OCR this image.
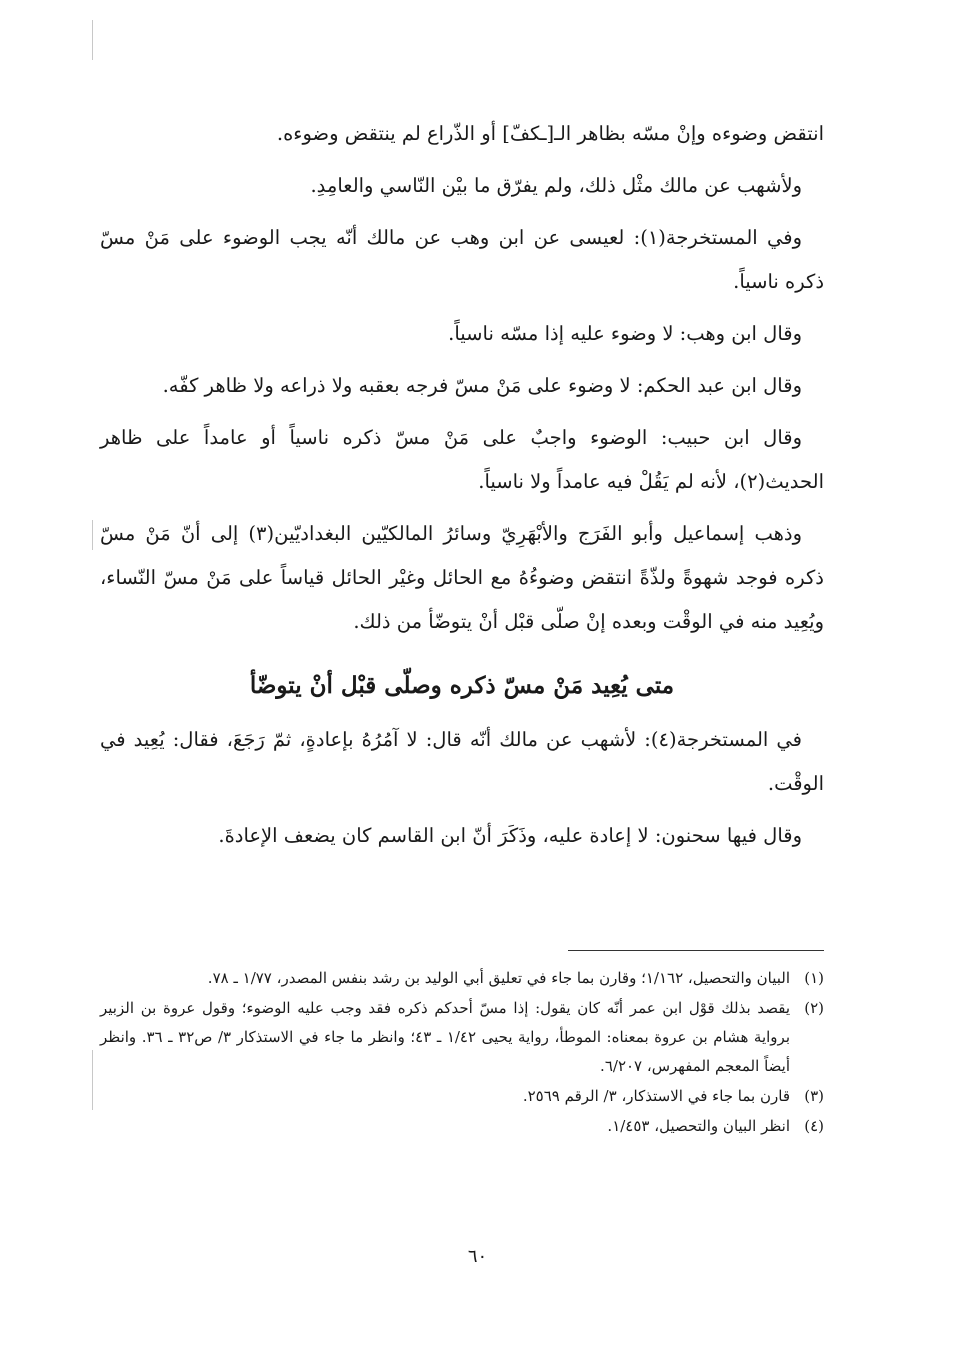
انتقض وضوءه وإنْ مسّه بظاهر الـ[ـكفّ] أو الذّراع لم ينتقض وضوءه.

ولأشهب عن مالك مثْل ذلك، ولم يفرّق ما بيْن النّاسي والعامِدِ.

وفي المستخرجة(١): لعيسى عن ابن وهب عن مالك أنّه يجب الوضوء على مَنْ مسّ ذكره ناسياً.

وقال ابن وهب: لا وضوء عليه إذا مسّه ناسياً.

وقال ابن عبد الحكم: لا وضوء على مَنْ مسّ فرجه بعقبه ولا ذراعه ولا ظاهر كفّه.

وقال ابن حبيب: الوضوء واجبٌ على مَنْ مسّ ذكره ناسياً أو عامداً على ظاهر الحديث(٢)، لأنه لم يَقُلْ فيه عامداً ولا ناسياً.

وذهب إسماعيل وأبو الفَرَج والأبْهَرِيّ وسائرُ المالكيّين البغداديّين(٣) إلى أنّ مَنْ مسّ ذكره فوجد شهوةً ولذّةً انتقض وضوءُهُ مع الحائل وغيْر الحائل قياساً على مَنْ مسّ النّساء، ويُعِيد منه في الوقْت وبعده إنْ صلّى قبْل أنْ يتوضّأ من ذلك.

متى يُعِيد مَنْ مسّ ذكره وصلّى قبْل أنْ يتوضّأ

في المستخرجة(٤): لأشهب عن مالك أنّه قال: لا آمُرُهُ بإعادةٍ، ثمّ رَجَعَ، فقال: يُعِيد في الوقْت.

وقال فيها سحنون: لا إعادة عليه، وذَكَرَ أنّ ابن القاسم كان يضعف الإعادةَ.

(١)
البيان والتحصيل، ١/١٦٢؛ وقارن بما جاء في تعليق أبي الوليد بن رشد بنفس المصدر، ١/٧٧ ـ ٧٨.
(٢)
يقصد بذلك قوْل ابن عمر أنّه كان يقول: إذا مسّ أحدكم ذكره فقد وجب عليه الوضوء؛ وقول عروة بن الزبير برواية هشام بن عروة بمعناه: الموطأ، رواية يحيى ١/٤٢ ـ ٤٣؛ وانظر ما جاء في الاستذكار ٣/ ص٣٢ ـ ٣٦. وانظر أيضاً المعجم المفهرس، ٦/٢٠٧.
(٣)
قارن بما جاء في الاستذكار، ٣/ الرقم ٢٥٦٩.
(٤)
انظر البيان والتحصيل، ١/٤٥٣.
٦٠
